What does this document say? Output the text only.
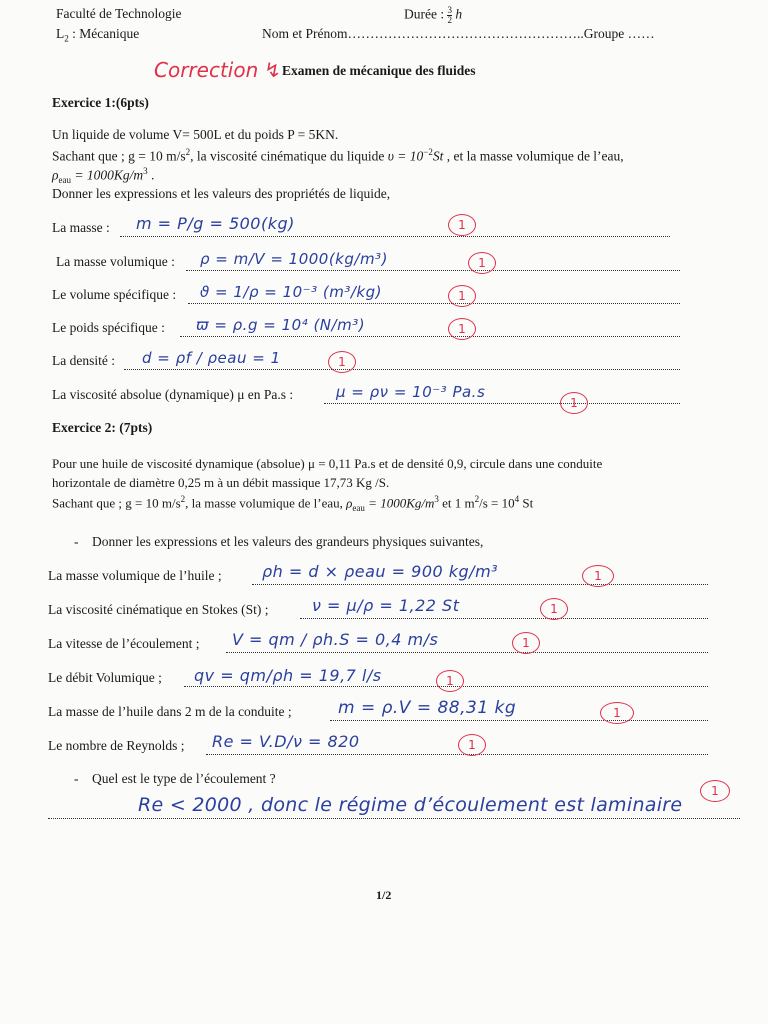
Faculté de Technologie
$L_2$ : Mécanique
Durée : $\frac{3}{2}$ h
Nom et Prénom……………………………………………..Groupe ……
Correction ↯ Examen de mécanique des fluides
Exercice 1:(6pts)
Un liquide de volume V= 500L et du poids P = 5KN.
Sachant que ; g = 10 $m/s^2$, la viscosité cinématique du liquide $\upsilon = 10^{-2}St$ , et la masse volumique de l’eau,
$\rho_{eau} = 1000Kg/m^3$ .
Donner les expressions et les valeurs des propriétés de liquide,
La masse : m = P/g = 500(kg)	1
La masse volumique : ρ = m/V = 1000(kg/m³)	1
Le volume spécifique : ϑ = 1/ρ = 10⁻³ (m³/kg)	1
Le poids spécifique : ϖ = ρ.g = 10⁴ (N/m³)	1
La densité : d = ρf / ρeau = 1	1
La viscosité absolue (dynamique) μ en Pa.s :	μ = ρν = 10⁻³ Pa.s
1
Exercice 2: (7pts)
Pour une huile de viscosité dynamique (absolue) μ = 0,11 Pa.s et de densité 0,9, circule dans une conduite
horizontale de diamètre 0,25 m à un débit massique 17,73 Kg /S.
Sachant que ; g = 10 $m/s^2$, la masse volumique de l’eau, $\rho_{eau} = 1000Kg/m^3$ et 1 $m^2/s = 10^4$ St
-    Donner les expressions et les valeurs des grandeurs physiques suivantes,
La masse volumique de l’huile ;	ρh = d × ρeau = 900 kg/m³	1
La viscosité cinématique en Stokes (St) ;	ν = μ/ρ = 1,22 St	1
La vitesse de l’écoulement ; V = qm / ρh.S = 0,4 m/s	1
Le débit Volumique ; qv = qm/ρh = 19,7 l/s	1
La masse de l’huile dans 2 m de la conduite ;	m = ρ.V = 88,31 kg	1
Le nombre de Reynolds ; Re = V.D/ν = 820	1
-    Quel est le type de l’écoulement ?
Re < 2000 , donc le régime d’écoulement est laminaire
1
1/2
